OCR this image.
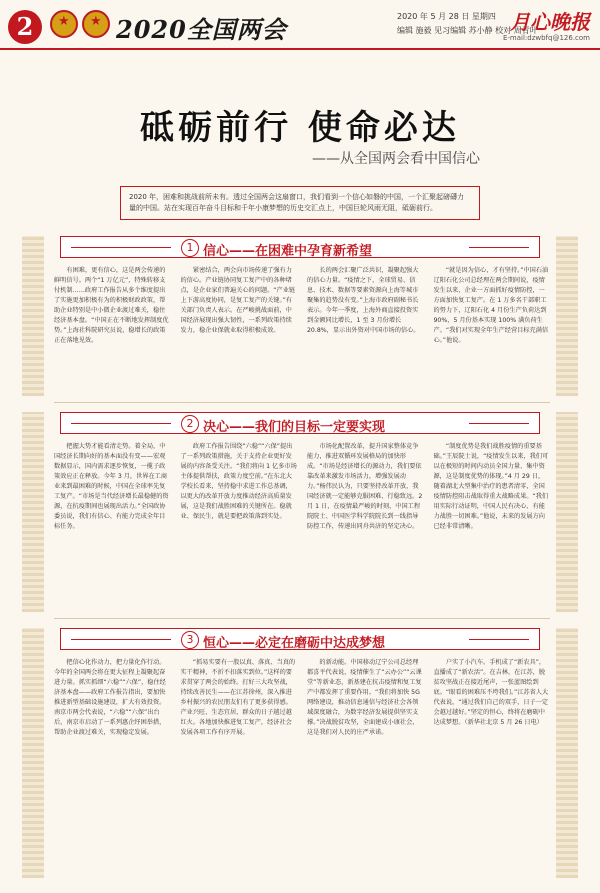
2 ★ ★	2020全国两会	2020 年 5 月 28 日 星期四
编辑 施毅 见习编辑 苏小静 校对 周青叶
月心晚报
E-mail:dzwbfq@126.com
砥砺前行 使命必达
——从全国两会看中国信心
2020 年，困难和挑战前所未有。透过全国两会这扇窗口，我们看到一个信心如磐的中国，一个汇聚起磅礴力量的中国。站在实现百年奋斗目标和千年小康梦想的历史交汇点上，中国巨轮风雨无阻，砥砺前行。
1 信心——在困难中孕育新希望

有困难，更有信心，这是两会传递的鲜明信号。两个“1 万亿元”，特殊转移支付机制……政府工作报告从多个维度提出了实施更加积极有为的积极财政政策，帮助企业特别是中小微企业渡过难关，稳住经济基本盘。“中国正在不断地发挥制度优势。”上海社科院研究员说，稳增长的政策正在落地见效。

紧密结合，两会向市场传递了强有力的信心。产业链协同复工复产中的各种堵点，是企业家们普遍关心的问题。“产业链上下游高度协同，是复工复产的关键。”有关部门负责人表示。在严峻挑战面前，中国经济展现出强大韧性，一系列政策持续发力，稳企业保就业取得积极成效。

长的两会汇聚广泛共识，凝聚起强大的信心力量。“疫情之下，全球贸易、信息、技术、数据等要素资源向上海等城市聚集的趋势没有变。”上海市政府副秘书长表示。今年一季度，上海外商直接投资实到金额同比增长，1 至 3 月份增长 20.8%，显示出外资对中国市场的信心。

“就是因为信心，才有坚持。”中国石油辽阳石化公司总经理在两会期间说，疫情发生以来，企业一方面抓好疫情防控，一方面加快复工复产。在 1 万多名干部职工的努力下，辽阳石化 4 月份生产负荷达到 90%，5 月份基本实现 100% 满负荷生产。“我们对实现全年生产经营目标充满信心。”他说。

2 决心——我们的目标一定要实现

把握大势才能看清走势。着全局，中国经济长期向好的基本面没有变——宏观数据显示，国内需求逐步恢复，一揽子政策效应正在释放。今年 3 月，世界在工商业来到最困难的时候，中国在全球率先复工复产。“市场是当代经济增长最稳健的资源，在抗疫期间也展现出活力。”全国政协委员说，我们有信心、有能力完成全年目标任务。

政府工作报告围绕“六稳”“六保”提出了一系列政策措施，关于支持企业更好发展的内容备受关注。“我们将向 1 亿多市场主体提供帮扶，政策力度空前。”在东北大学校长看来，坚持稳中求进工作总基调，以更大的改革开放力度推动经济高质量发展，这是我们战胜困难的关键所在。稳就业、保民生，就是要把政策落到实处。

市场化配置改革，提升国家整体竞争能力，推进双循环发展格局的加快形成。“市场是经济增长的源动力，我们要依靠改革来激发市场活力，增强发展动力。”杨伟民认为，只要坚持改革开放，我国经济就一定能够克服困难、行稳致远。2 月 1 日，在疫情最严峻的时刻，中国工程院院士、中国医学科学院院长到一线指导防控工作，传递出同舟共济的坚定决心。

“制度优势是我们战胜疫情的重要基础。”王辰院士说，“疫情发生以来，我们可以在极短的时间内动员全国力量、集中资源，这是制度优势的体现。”4 月 29 日，随着湖北大型集中治疗的患者清零，全国疫情防控阻击战取得重大战略成果。“我们用实际行动证明，中国人民有决心、有能力战胜一切困难。”他说，未来的发展方向已经非常清晰。

3 恒心——必定在磨砺中达成梦想

把信心化作动力，把力量化作行动。今年的全国两会将在更大征程上凝聚起奋进力量。抓实抓细“六稳”“六保”，稳住经济基本盘——政府工作报告指出，要加快推进新型基础设施建设，扩大有效投资。南京市两会代表说，“六稳”“六保”出台后，南京市启动了一系列惠企纾困举措，帮助企业渡过难关，实现稳定发展。

“抓易实要有一股以真、落真、当真的实干精神，不折不扣落实到位。”这样的要求贯穿了两会的始终。打好三大攻坚战，持续改善民生——在江苏徐州，深入推进乡村振兴的农民朋友们有了更多获得感。产业兴旺、生态宜居，群众的日子越过越红火。各地加快推进复工复产，经济社会发展各项工作有序开展。

的新动能。中国移动辽宁公司总经理都喜平代表说，疫情催生了“云办公”“云课堂”等新业态，新基建在抗击疫情和复工复产中都发挥了重要作用。“我们将加快 5G 网络建设，推动信息通信与经济社会各领域深度融合，为数字经济发展提供坚实支撑。”决战脱贫攻坚，全面建成小康社会，这是我们对人民的庄严承诺。

户实了小汽车。手机成了“新农具”，直播成了“新农活”。在吉林，在江苏，脱贫攻坚战正在接近尾声，一张蓝图绘到底。“眼看的困难压不垮我们。”江苏省人大代表说，“通过我们自己的双手，日子一定会越过越好。”坚定的恒心，终将在磨砺中达成梦想。（新华社北京 5 月 26 日电）
